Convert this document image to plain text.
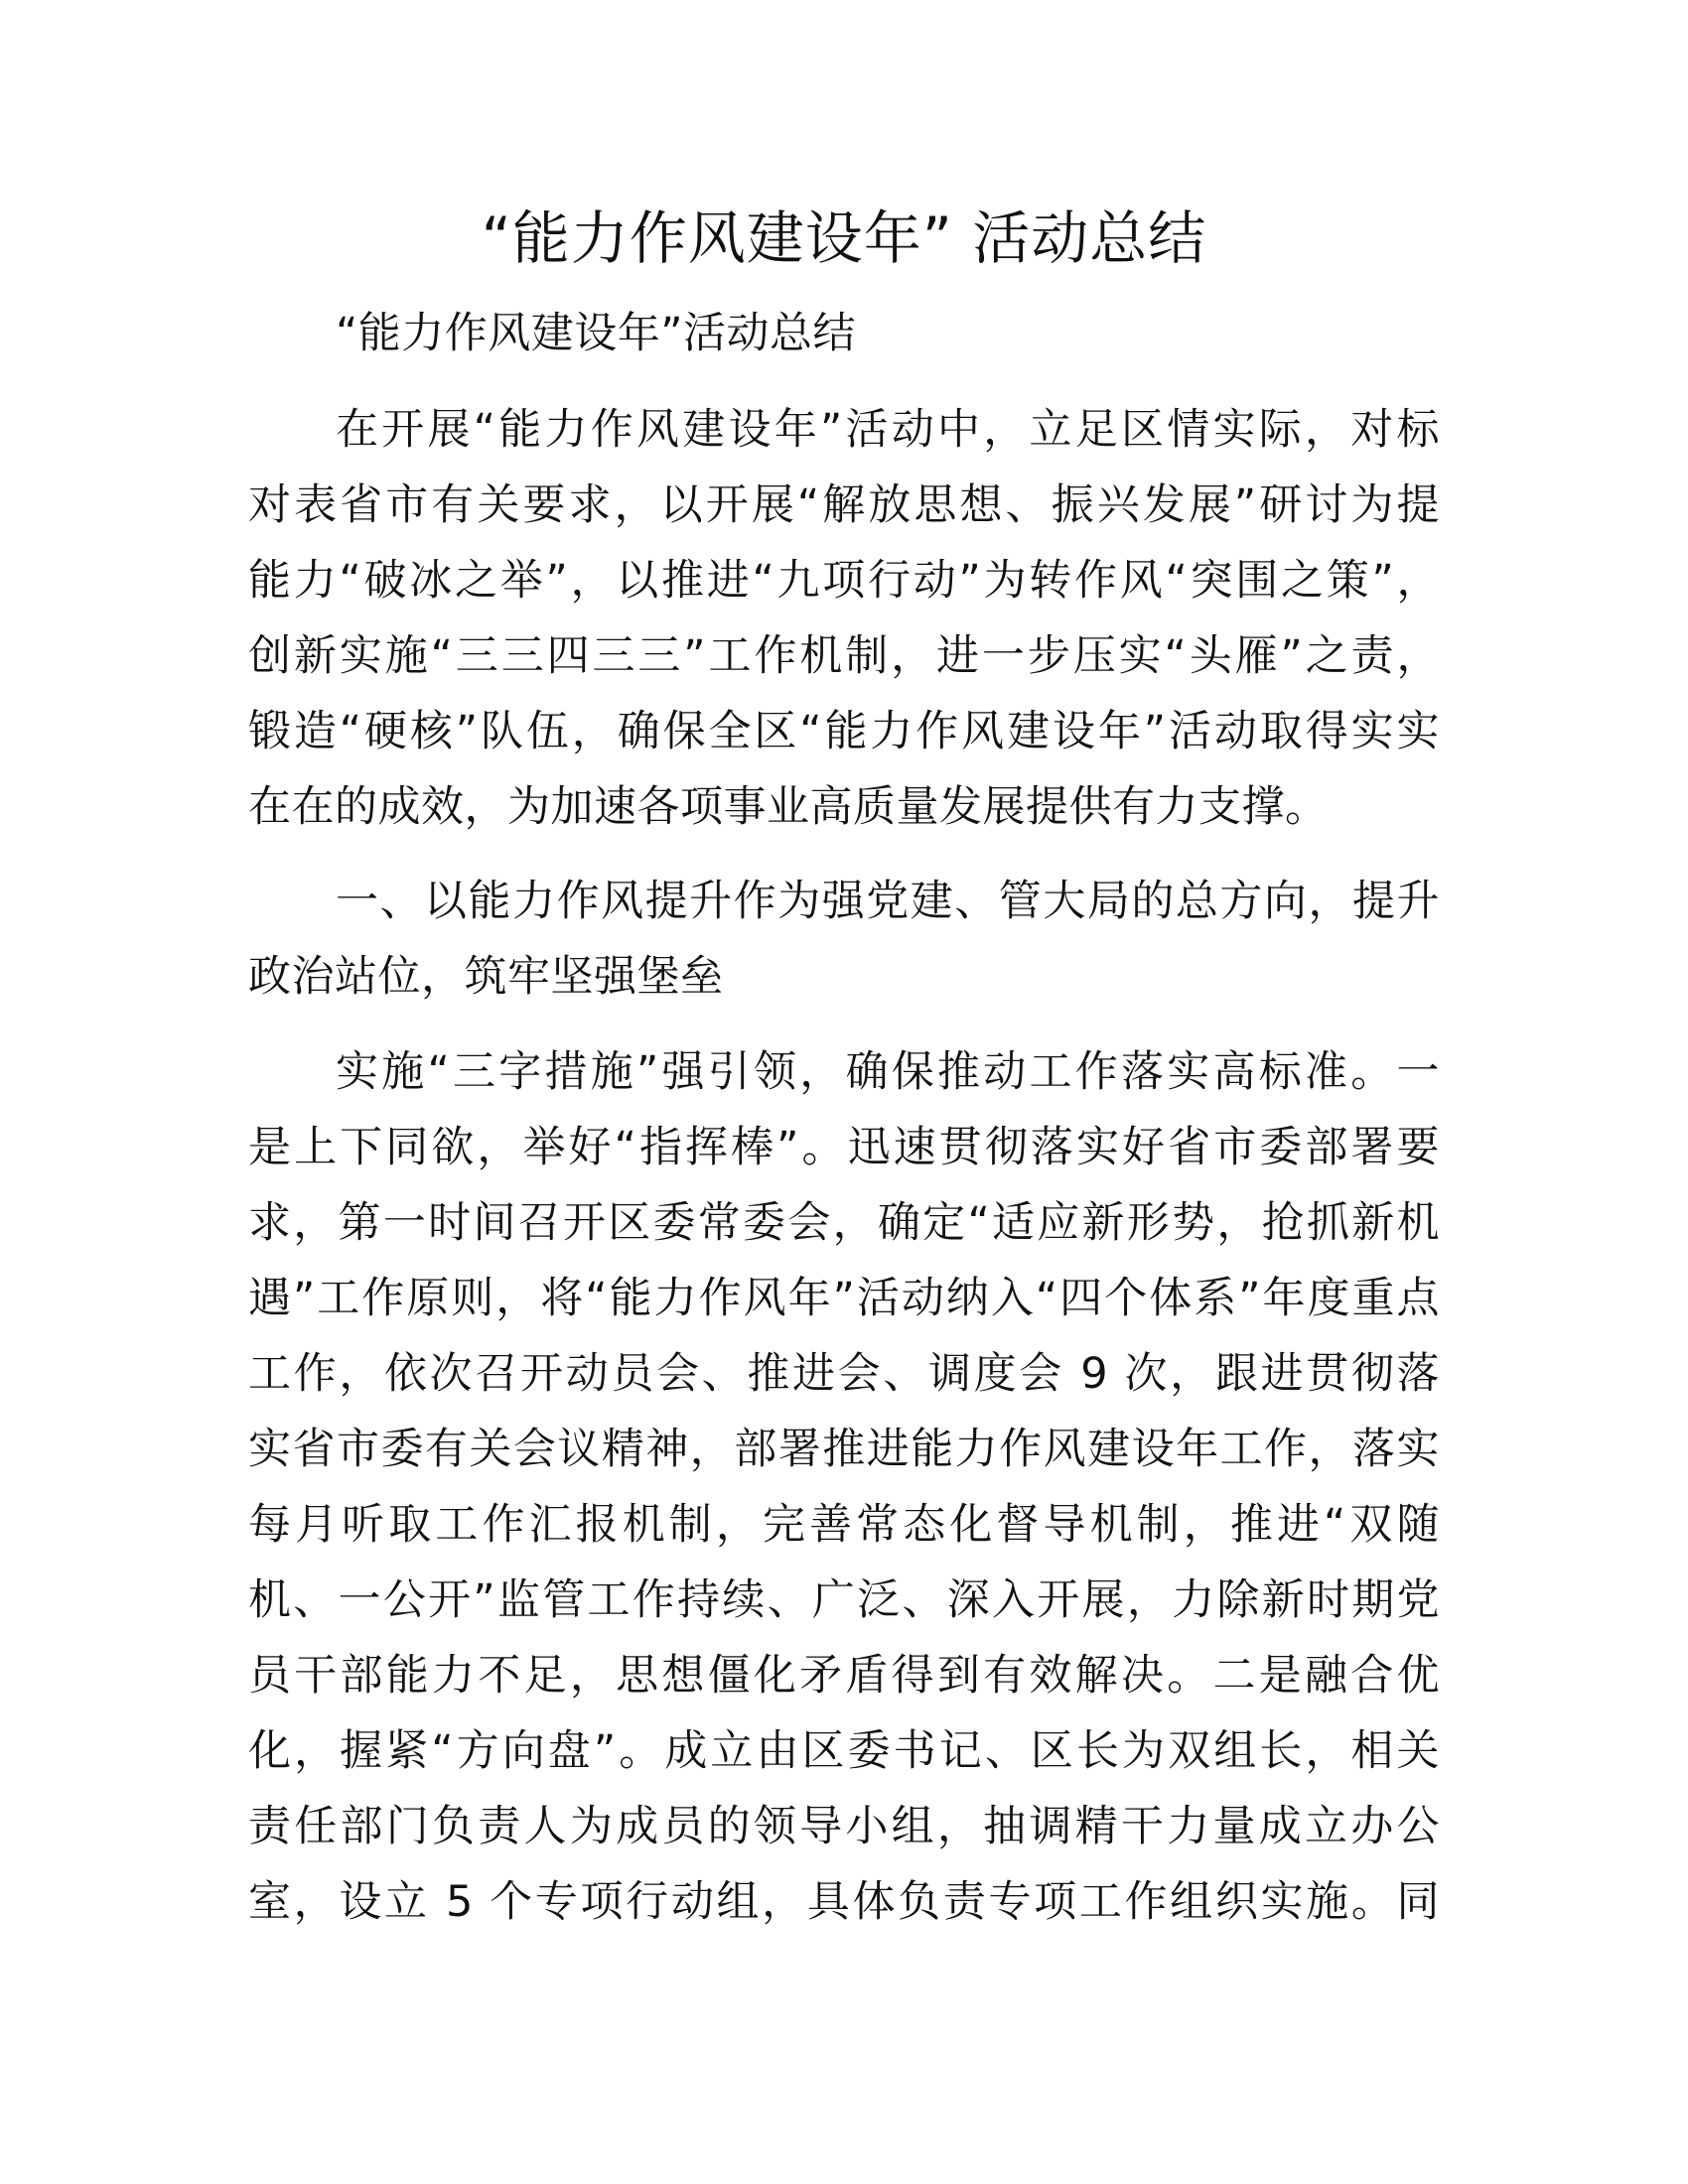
“能力作风建设年” 活动总结
“能力作风建设年”活动总结
在开展“能力作风建设年”活动中，立足区情实际，对标
对表省市有关要求，以开展“解放思想、振兴发展”研讨为提
能力“破冰之举”，以推进“九项行动”为转作风“突围之策”，
创新实施“三三四三三”工作机制，进一步压实“头雁”之责，
锻造“硬核”队伍，确保全区“能力作风建设年”活动取得实实
在在的成效，为加速各项事业高质量发展提供有力支撑。
一、以能力作风提升作为强党建、管大局的总方向，提升
政治站位，筑牢坚强堡垒
实施“三字措施”强引领，确保推动工作落实高标准。一
是上下同欲，举好“指挥棒”。迅速贯彻落实好省市委部署要
求，第一时间召开区委常委会，确定“适应新形势，抢抓新机
遇”工作原则，将“能力作风年”活动纳入“四个体系”年度重点
工作，依次召开动员会、推进会、调度会 9 次，跟进贯彻落
实省市委有关会议精神，部署推进能力作风建设年工作，落实
每月听取工作汇报机制，完善常态化督导机制，推进“双随
机、一公开”监管工作持续、广泛、深入开展，力除新时期党
员干部能力不足，思想僵化矛盾得到有效解决。二是融合优
化，握紧“方向盘”。成立由区委书记、区长为双组长，相关
责任部门负责人为成员的领导小组，抽调精干力量成立办公
室，设立 5 个专项行动组，具体负责专项工作组织实施。同
